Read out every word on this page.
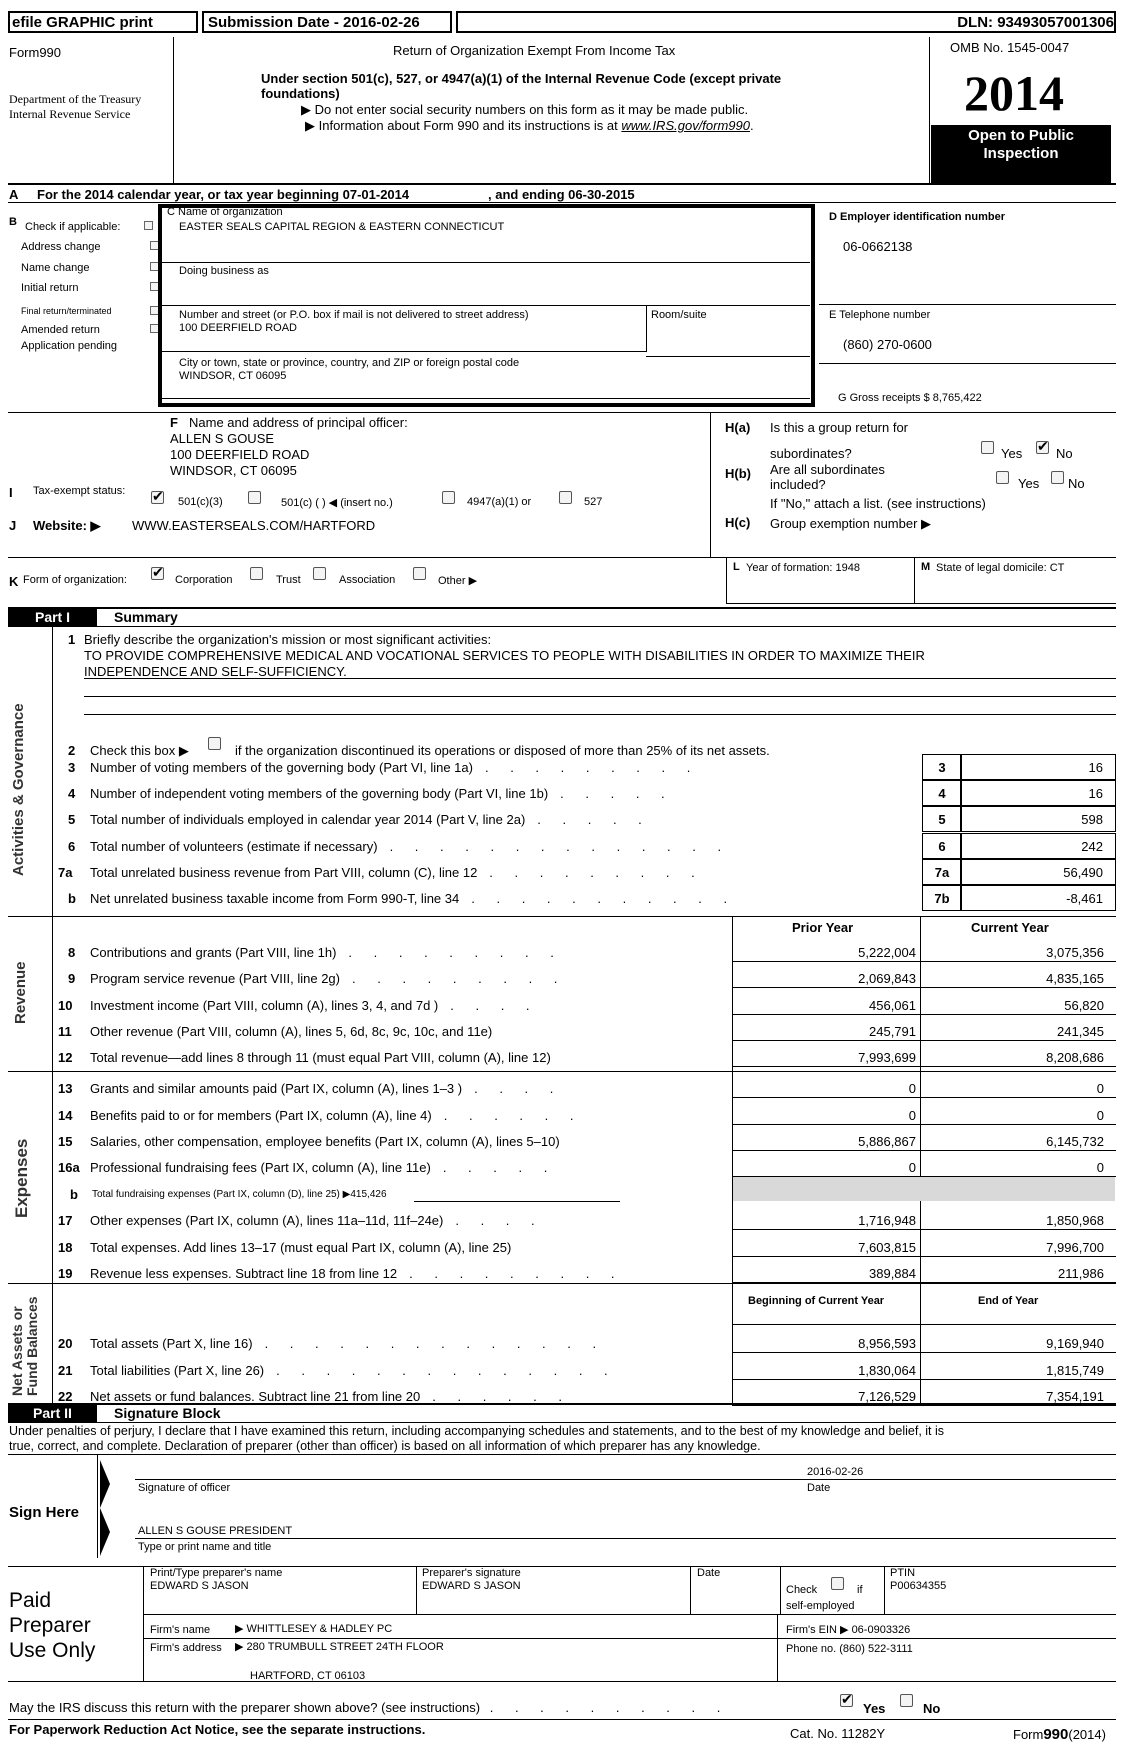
efile GRAPHIC print	Submission Date - 2016-02-26	DLN: 93493057001306
Form990
Department of the Treasury
Internal Revenue Service
Return of Organization Exempt From Income Tax
Under section 501(c), 527, or 4947(a)(1) of the Internal Revenue Code (except private foundations)
▶ Do not enter social security numbers on this form as it may be made public.
▶ Information about Form 990 and its instructions is at www.IRS.gov/form990.
OMB No. 1545-0047
2014
Open to Public
Inspection
A For the 2014 calendar year, or tax year beginning 07-01-2014	, and ending 06-30-2015
B Check if applicable:
Address change
Name change
Initial return
Final return/terminated
Amended return
Application pending
C Name of organization
EASTER SEALS CAPITAL REGION & EASTERN CONNECTICUT
Doing business as
Number and street (or P.O. box if mail is not delivered to street address)
100 DEERFIELD ROAD
Room/suite
City or town, state or province, country, and ZIP or foreign postal code
WINDSOR, CT 06095
D Employer identification number
06-0662138
E Telephone number
(860) 270-0600
G Gross receipts $ 8,765,422
F Name and address of principal officer:
ALLEN S GOUSE
100 DEERFIELD ROAD
WINDSOR, CT 06095
H(a) Is this a group return for
subordinates?	Yes ✔	No
H(b) Are all subordinates
included?	Yes No
If "No," attach a list. (see instructions)
H(c) Group exemption number ▶
I Tax-exempt status:
✔
501(c)(3)	501(c) ( ) ◀ (insert no.)	4947(a)(1) or	527
J Website: ▶ WWW.EASTERSEALS.COM/HARTFORD
K Form of organization: ✔	Corporation	Trust	Association	Other ▶
L Year of formation: 1948	M State of legal domicile: CT
Part I	Summary
Activities & Governance
1 Briefly describe the organization's mission or most significant activities:
TO PROVIDE COMPREHENSIVE MEDICAL AND VOCATIONAL SERVICES TO PEOPLE WITH DISABILITIES IN ORDER TO MAXIMIZE THEIR
INDEPENDENCE AND SELF-SUFFICIENCY.
2 Check this box ▶	if the organization discontinued its operations or disposed of more than 25% of its net assets.
3 Number of voting members of the governing body (Part VI, line 1a) . . . . . . . . .	3	16
4 Number of independent voting members of the governing body (Part VI, line 1b) . . . . .	4	16
5 Total number of individuals employed in calendar year 2014 (Part V, line 2a) . . . . .	5	598
6 Total number of volunteers (estimate if necessary) . . . . . . . . . . . . . .	6	242
7a Total unrelated business revenue from Part VIII, column (C), line 12 . . . . . . . . .	7a	56,490
b Net unrelated business taxable income from Form 990-T, line 34 . . . . . . . . . . .	7b	-8,461
Prior Year	Current Year
Revenue
8 Contributions and grants (Part VIII, line 1h) . . . . . . . . .	5,222,004	3,075,356
9 Program service revenue (Part VIII, line 2g) . . . . . . . . .	2,069,843	4,835,165
10 Investment income (Part VIII, column (A), lines 3, 4, and 7d ) . . . .	456,061	56,820
11 Other revenue (Part VIII, column (A), lines 5, 6d, 8c, 9c, 10c, and 11e)	245,791	241,345
12 Total revenue—add lines 8 through 11 (must equal Part VIII, column (A), line 12)	7,993,699	8,208,686
Expenses
13 Grants and similar amounts paid (Part IX, column (A), lines 1–3 ) . . . .	0	0
14 Benefits paid to or for members (Part IX, column (A), line 4) . . . . . .	0	0
15 Salaries, other compensation, employee benefits (Part IX, column (A), lines 5–10)	5,886,867	6,145,732
16a Professional fundraising fees (Part IX, column (A), line 11e) . . . . .	0	0
b Total fundraising expenses (Part IX, column (D), line 25) ▶415,426
17 Other expenses (Part IX, column (A), lines 11a–11d, 11f–24e) . . . .	1,716,948	1,850,968
18 Total expenses. Add lines 13–17 (must equal Part IX, column (A), line 25)	7,603,815	7,996,700
19 Revenue less expenses. Subtract line 18 from line 12 . . . . . . . . .	389,884	211,986
Net Assets or Fund Balances	Beginning of Current Year	End of Year
20 Total assets (Part X, line 16) . . . . . . . . . . . . . .	8,956,593	9,169,940
21 Total liabilities (Part X, line 26) . . . . . . . . . . . . . .	1,830,064	1,815,749
22 Net assets or fund balances. Subtract line 21 from line 20 . . . . . .	7,126,529	7,354,191
Part II	Signature Block
Under penalties of perjury, I declare that I have examined this return, including accompanying schedules and statements, and to the best of my knowledge and belief, it is
true, correct, and complete. Declaration of preparer (other than officer) is based on all information of which preparer has any knowledge.
Sign Here
Signature of officer
2016-02-26
Date
ALLEN S GOUSE PRESIDENT
Type or print name and title
Paid
Preparer
Use Only
Print/Type preparer's name
EDWARD S JASON
Preparer's signature
EDWARD S JASON
Date
Check	if
self-employed
PTIN
P00634355
Firm's name ▶ WHITTLESEY & HADLEY PC	Firm's EIN ▶ 06-0903326
Firm's address ▶ 280 TRUMBULL STREET 24TH FLOOR
HARTFORD, CT 06103
Phone no. (860) 522-3111
May the IRS discuss this return with the preparer shown above? (see instructions) . . . . . . . . . .
✔	Yes	No
For Paperwork Reduction Act Notice, see the separate instructions.	Cat. No. 11282Y	Form990(2014)
